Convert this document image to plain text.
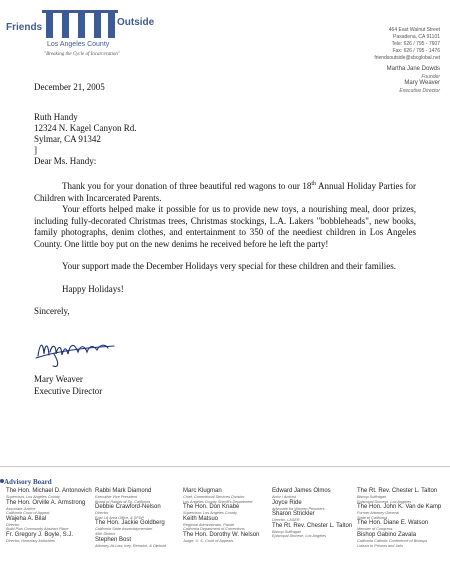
Friends	Outside
Los Angeles County
"Breaking the Cycle of Incarceration"
464 East Walnut Street
Pasadena, CA 91101
Tele: 626 / 795 - 7607
Fax: 626 / 795 - 1476
friendsoutside@sbcglobal.net
Martha Jane Dowds
Founder
Mary Weaver
Executive Director
December 21, 2005
Ruth Handy
12324 N. Kagel Canyon Rd.
Sylmar, CA 91342
]
Dear Ms. Handy:
Thank you for your donation of three beautiful red wagons to our 18th Annual Holiday Parties for Children with Incarcerated Parents.
Your efforts helped make it possible for us to provide new toys, a nourishing meal, door prizes, including fully-decorated Christmas trees, Christmas stockings, L.A. Lakers "bobbleheads", new books, family photographs, denim clothes, and entertainment to 350 of the neediest children in Los Angeles County. One little boy put on the new denims he received before he left the party!
Your support made the December Holidays very special for these children and their families.
Happy Holidays!
Sincerely,
Mary Weaver
Executive Director
Advisory Board
The Hon. Michael D. Antonovich
Supervisor, Los Angeles County
The Hon. Orville A. Armstrong
Associate Justice
California Court of Appeal
Wajeha A. Bilal
Director
Build Plus Community Abstract Place
Fr. Gregory J. Boyle, S.J.
Director, Homeboy Industries
Rabbi Mark Diamond
Executive Vice President
Board of Rabbis of So. California
Debbie Crawford-Nelson
Director
East LA Area Office, & SFDP
The Hon. Jackie Goldberg
California State Assemblymember
45th District
Stephen Bost
Attorney-At-Law, Ivey, Renwick, & Diebold
Marc Klugman
Chief, Correctional Services Division
Los Angeles County Sheriff's Department
The Hon. Don Knabe
Supervisor, Los Angeles County
Keith Matsuo
Regional Administrator, Parole
California Department of Corrections
The Hon. Dorothy W. Nelson
Judge, U. S. Court of Appeals
Edward James Olmos
Actor / Activist
Joyce Ride
Advocate for Women Prisoners
Sharon Strickler
Director, LASER
The Rt. Rev. Chester L. Talton
Bishop Suffragan
Episcopal Diocese, Los Angeles
The Rt. Rev. Chester L. Talton
Bishop Suffragan
Episcopal Diocese, Los Angeles
The Hon. John K. Van de Kamp
Former Attorney General
State of California
The Hon. Diane E. Watson
Member of Congress
Bishop Gabino Zavala
California Catholic Conference of Bishops
Liaison to Prisons and Jails
